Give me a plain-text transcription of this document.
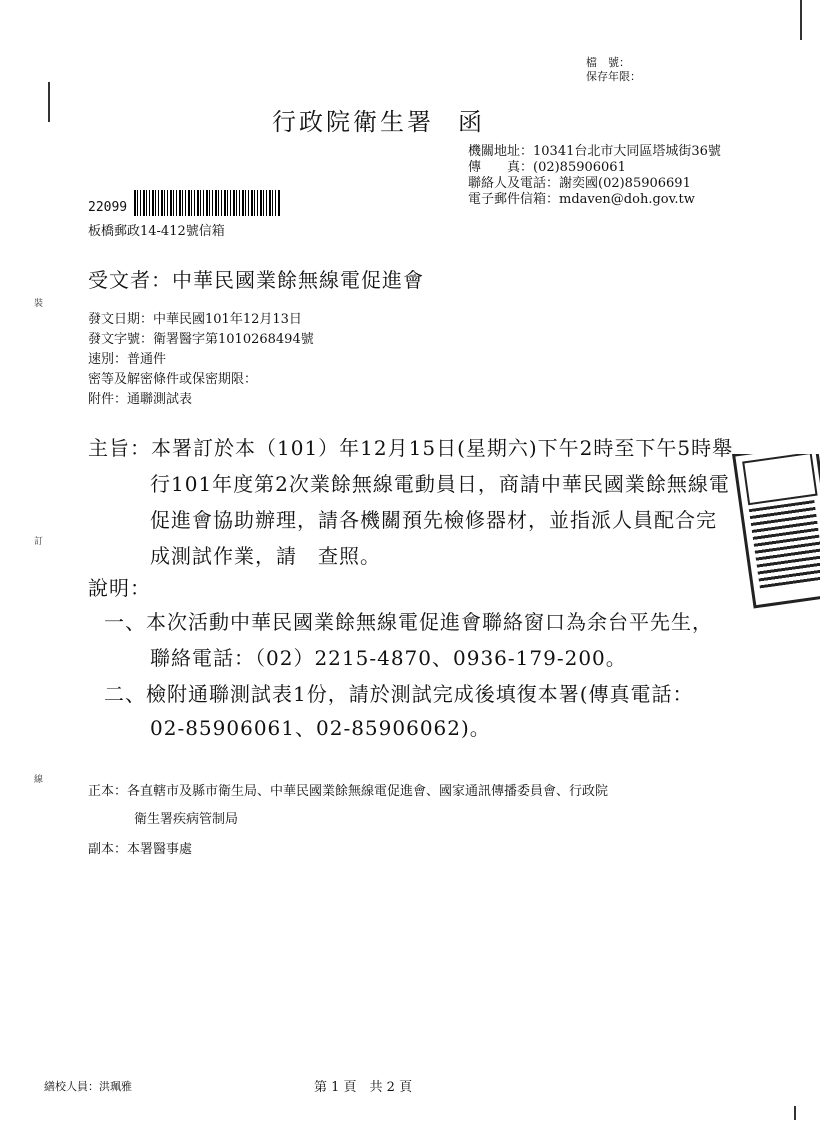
裝
訂
線
檔　號：
保存年限：
行政院衛生署 函
機關地址：10341台北市大同區塔城街36號
傳　　真：(02)85906061
聯絡人及電話：謝奕國(02)85906691
電子郵件信箱：mdaven@doh.gov.tw
22099
板橋郵政14-412號信箱
受文者：中華民國業餘無線電促進會
發文日期：中華民國101年12月13日
發文字號：衛署醫字第1010268494號
速別：普通件
密等及解密條件或保密期限：
附件：通聯測試表
主旨：本署訂於本（101）年12月15日(星期六)下午2時至下午5時舉
行101年度第2次業餘無線電動員日，商請中華民國業餘無線電
促進會協助辦理，請各機關預先檢修器材，並指派人員配合完
成測試作業，請　查照。
說明：
一、本次活動中華民國業餘無線電促進會聯絡窗口為余台平先生，
聯絡電話：（02）2215-4870、0936-179-200。
二、檢附通聯測試表1份，請於測試完成後填復本署(傳真電話：
02-85906061、02-85906062)。
正本：各直轄市及縣市衛生局、中華民國業餘無線電促進會、國家通訊傳播委員會、行政院
衛生署疾病管制局
副本：本署醫事處
繕校人員：洪珮雅	第 1 頁　共 2 頁
